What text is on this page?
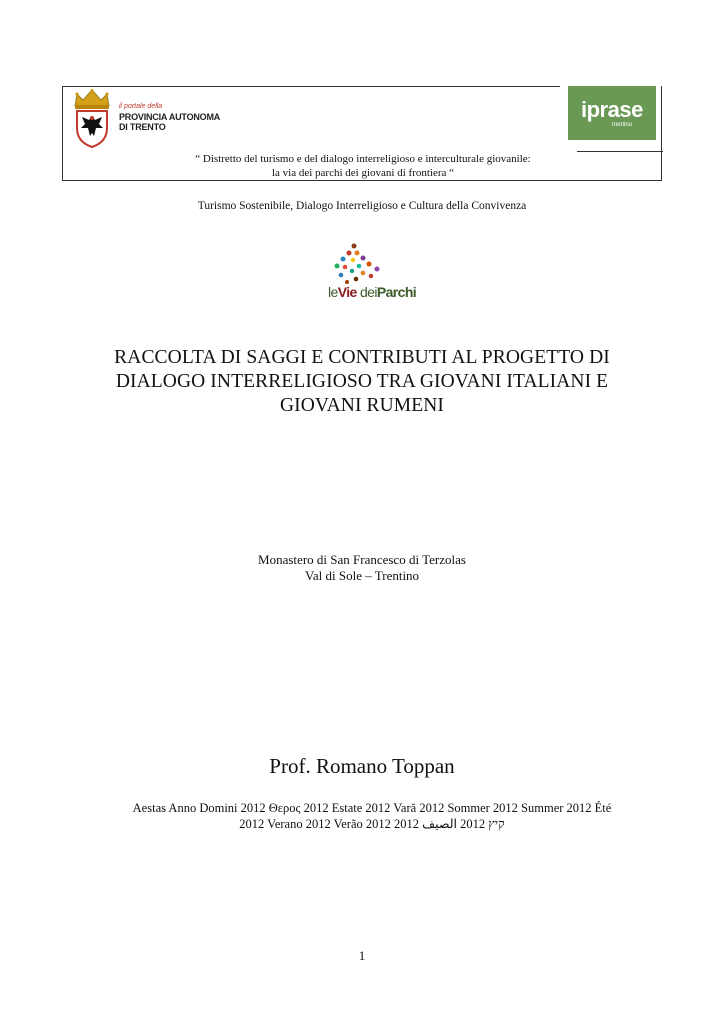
il portale della
PROVINCIA AUTONOMA
DI TRENTO
iprase
trentino
“ Distretto del turismo e del dialogo interreligioso e interculturale giovanile:
la via dei parchi dei giovani di frontiera “
Turismo Sostenibile, Dialogo Interreligioso e Cultura della Convivenza
leVie deiParchi
RACCOLTA DI SAGGI E CONTRIBUTI AL PROGETTO DI
DIALOGO INTERRELIGIOSO TRA GIOVANI ITALIANI E
GIOVANI RUMENI
Monastero di San Francesco di Terzolas
Val di Sole – Trentino
Prof. Romano Toppan
Aestas Anno Domini 2012 Θερος 2012 Estate 2012 Vară 2012 Sommer 2012 Summer 2012 Été
2012 Verano 2012 Verão 2012 2012 קיץ 2012 الصيف
1
